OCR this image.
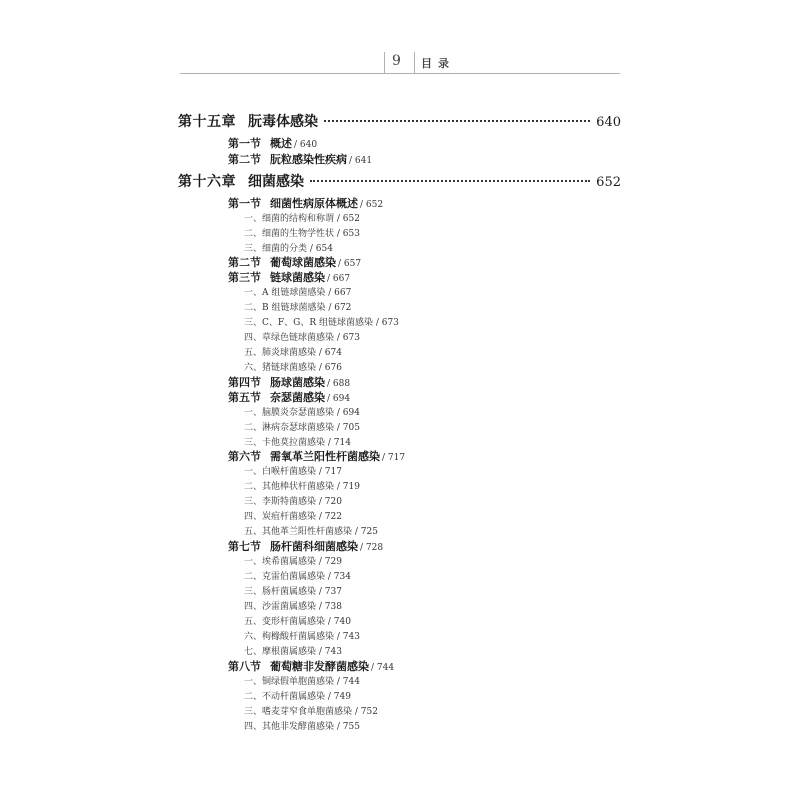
9 目录
第十五章 朊毒体感染	640
第一节 概述 / 640
第二节 朊粒感染性疾病 / 641
第十六章 细菌感染	652
第一节 细菌性病原体概述 / 652
一、细菌的结构和称谓 / 652
二、细菌的生物学性状 / 653
三、细菌的分类 / 654
第二节 葡萄球菌感染 / 657
第三节 链球菌感染 / 667
一、A 组链球菌感染 / 667
二、B 组链球菌感染 / 672
三、C、F、G、R 组链球菌感染 / 673
四、草绿色链球菌感染 / 673
五、肺炎球菌感染 / 674
六、猪链球菌感染 / 676
第四节 肠球菌感染 / 688
第五节 奈瑟菌感染 / 694
一、脑膜炎奈瑟菌感染 / 694
二、淋病奈瑟球菌感染 / 705
三、卡他莫拉菌感染 / 714
第六节 需氧革兰阳性杆菌感染 / 717
一、白喉杆菌感染 / 717
二、其他棒状杆菌感染 / 719
三、李斯特菌感染 / 720
四、炭疽杆菌感染 / 722
五、其他革兰阳性杆菌感染 / 725
第七节 肠杆菌科细菌感染 / 728
一、埃希菌属感染 / 729
二、克雷伯菌属感染 / 734
三、肠杆菌属感染 / 737
四、沙雷菌属感染 / 738
五、变形杆菌属感染 / 740
六、枸橼酸杆菌属感染 / 743
七、摩根菌属感染 / 743
第八节 葡萄糖非发酵菌感染 / 744
一、铜绿假单胞菌感染 / 744
二、不动杆菌属感染 / 749
三、嗜麦芽窄食单胞菌感染 / 752
四、其他非发酵菌感染 / 755
